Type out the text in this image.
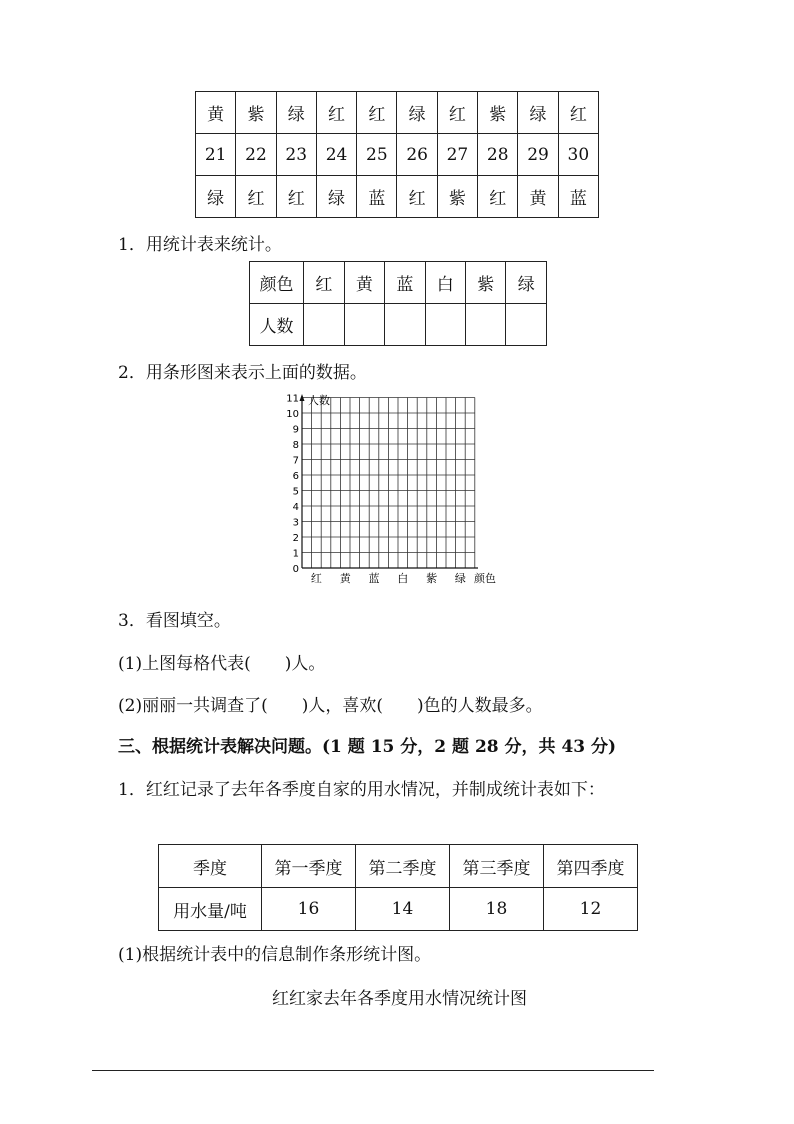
黄	紫	绿	红	红	绿	红	紫	绿	红
21	22	23	24	25	26	27	28	29	30
绿	红	红	绿	蓝	红	紫	红	黄	蓝
1．用统计表来统计。
颜色	红	黄	蓝	白	紫	绿
人数						
2．用条形图来表示上面的数据。
0
1
2
3
4
5
6
7
8
9
10
11
红 黄 蓝 白 紫 绿
人数
颜色
3．看图填空。
(1)上图每格代表(　　)人。
(2)丽丽一共调查了(　　)人，喜欢(　　)色的人数最多。
三、根据统计表解决问题。(1 题 15 分，2 题 28 分，共 43 分)
1．红红记录了去年各季度自家的用水情况，并制成统计表如下：
季度	第一季度	第二季度	第三季度	第四季度
用水量/吨	16	14	18	12
(1)根据统计表中的信息制作条形统计图。
红红家去年各季度用水情况统计图
